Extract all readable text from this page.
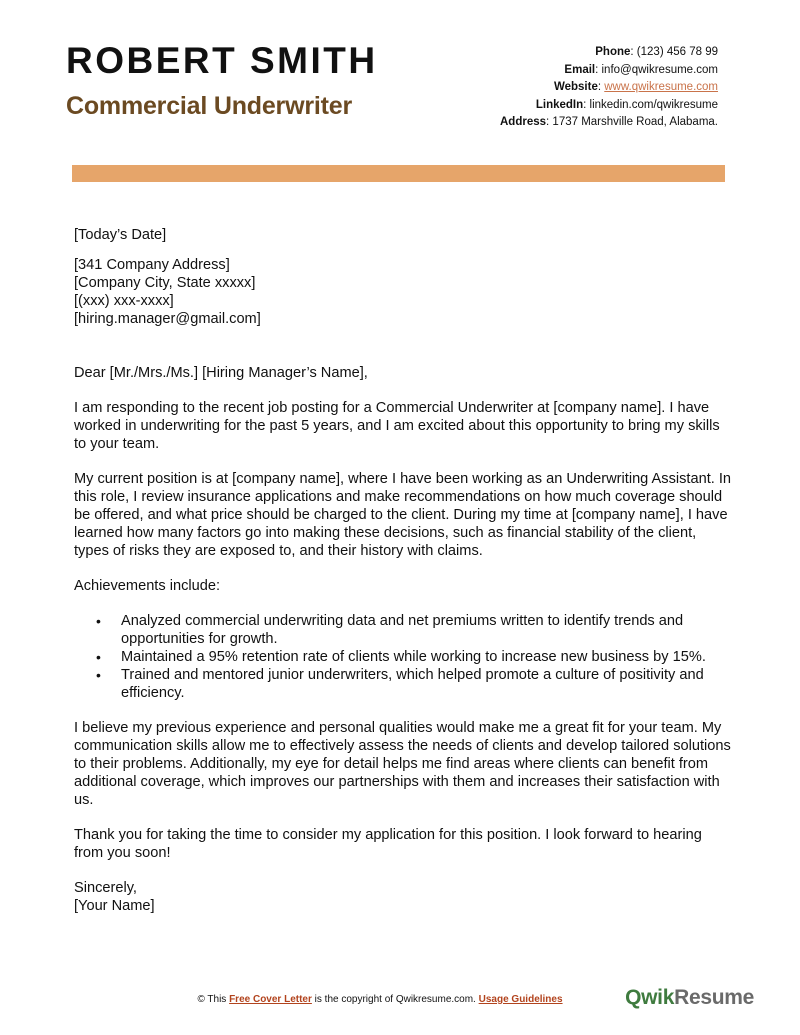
ROBERT SMITH
Commercial Underwriter
Phone: (123) 456 78 99
Email: info@qwikresume.com
Website: www.qwikresume.com
LinkedIn: linkedin.com/qwikresume
Address: 1737 Marshville Road, Alabama.

[Today’s Date]

[341 Company Address]

[Company City, State xxxxx]

[(xxx) xxx-xxxx]

[hiring.manager@gmail.com]

Dear [Mr./Mrs./Ms.] [Hiring Manager’s Name],

I am responding to the recent job posting for a Commercial Underwriter at [company name]. I have worked in underwriting for the past 5 years, and I am excited about this opportunity to bring my skills to your team.

My current position is at [company name], where I have been working as an Underwriting Assistant. In this role, I review insurance applications and make recommendations on how much coverage should be offered, and what price should be charged to the client. During my time at [company name], I have learned how many factors go into making these decisions, such as financial stability of the client, types of risks they are exposed to, and their history with claims.

Achievements include:

• Analyzed commercial underwriting data and net premiums written to identify trends and opportunities for growth.
• Maintained a 95% retention rate of clients while working to increase new business by 15%.
• Trained and mentored junior underwriters, which helped promote a culture of positivity and efficiency.

I believe my previous experience and personal qualities would make me a great fit for your team. My communication skills allow me to effectively assess the needs of clients and develop tailored solutions to their problems. Additionally, my eye for detail helps me find areas where clients can benefit from additional coverage, which improves our partnerships with them and increases their satisfaction with us.

Thank you for taking the time to consider my application for this position. I look forward to hearing from you soon!

Sincerely,

[Your Name]

© This Free Cover Letter is the copyright of Qwikresume.com. Usage Guidelines	QwikResume
